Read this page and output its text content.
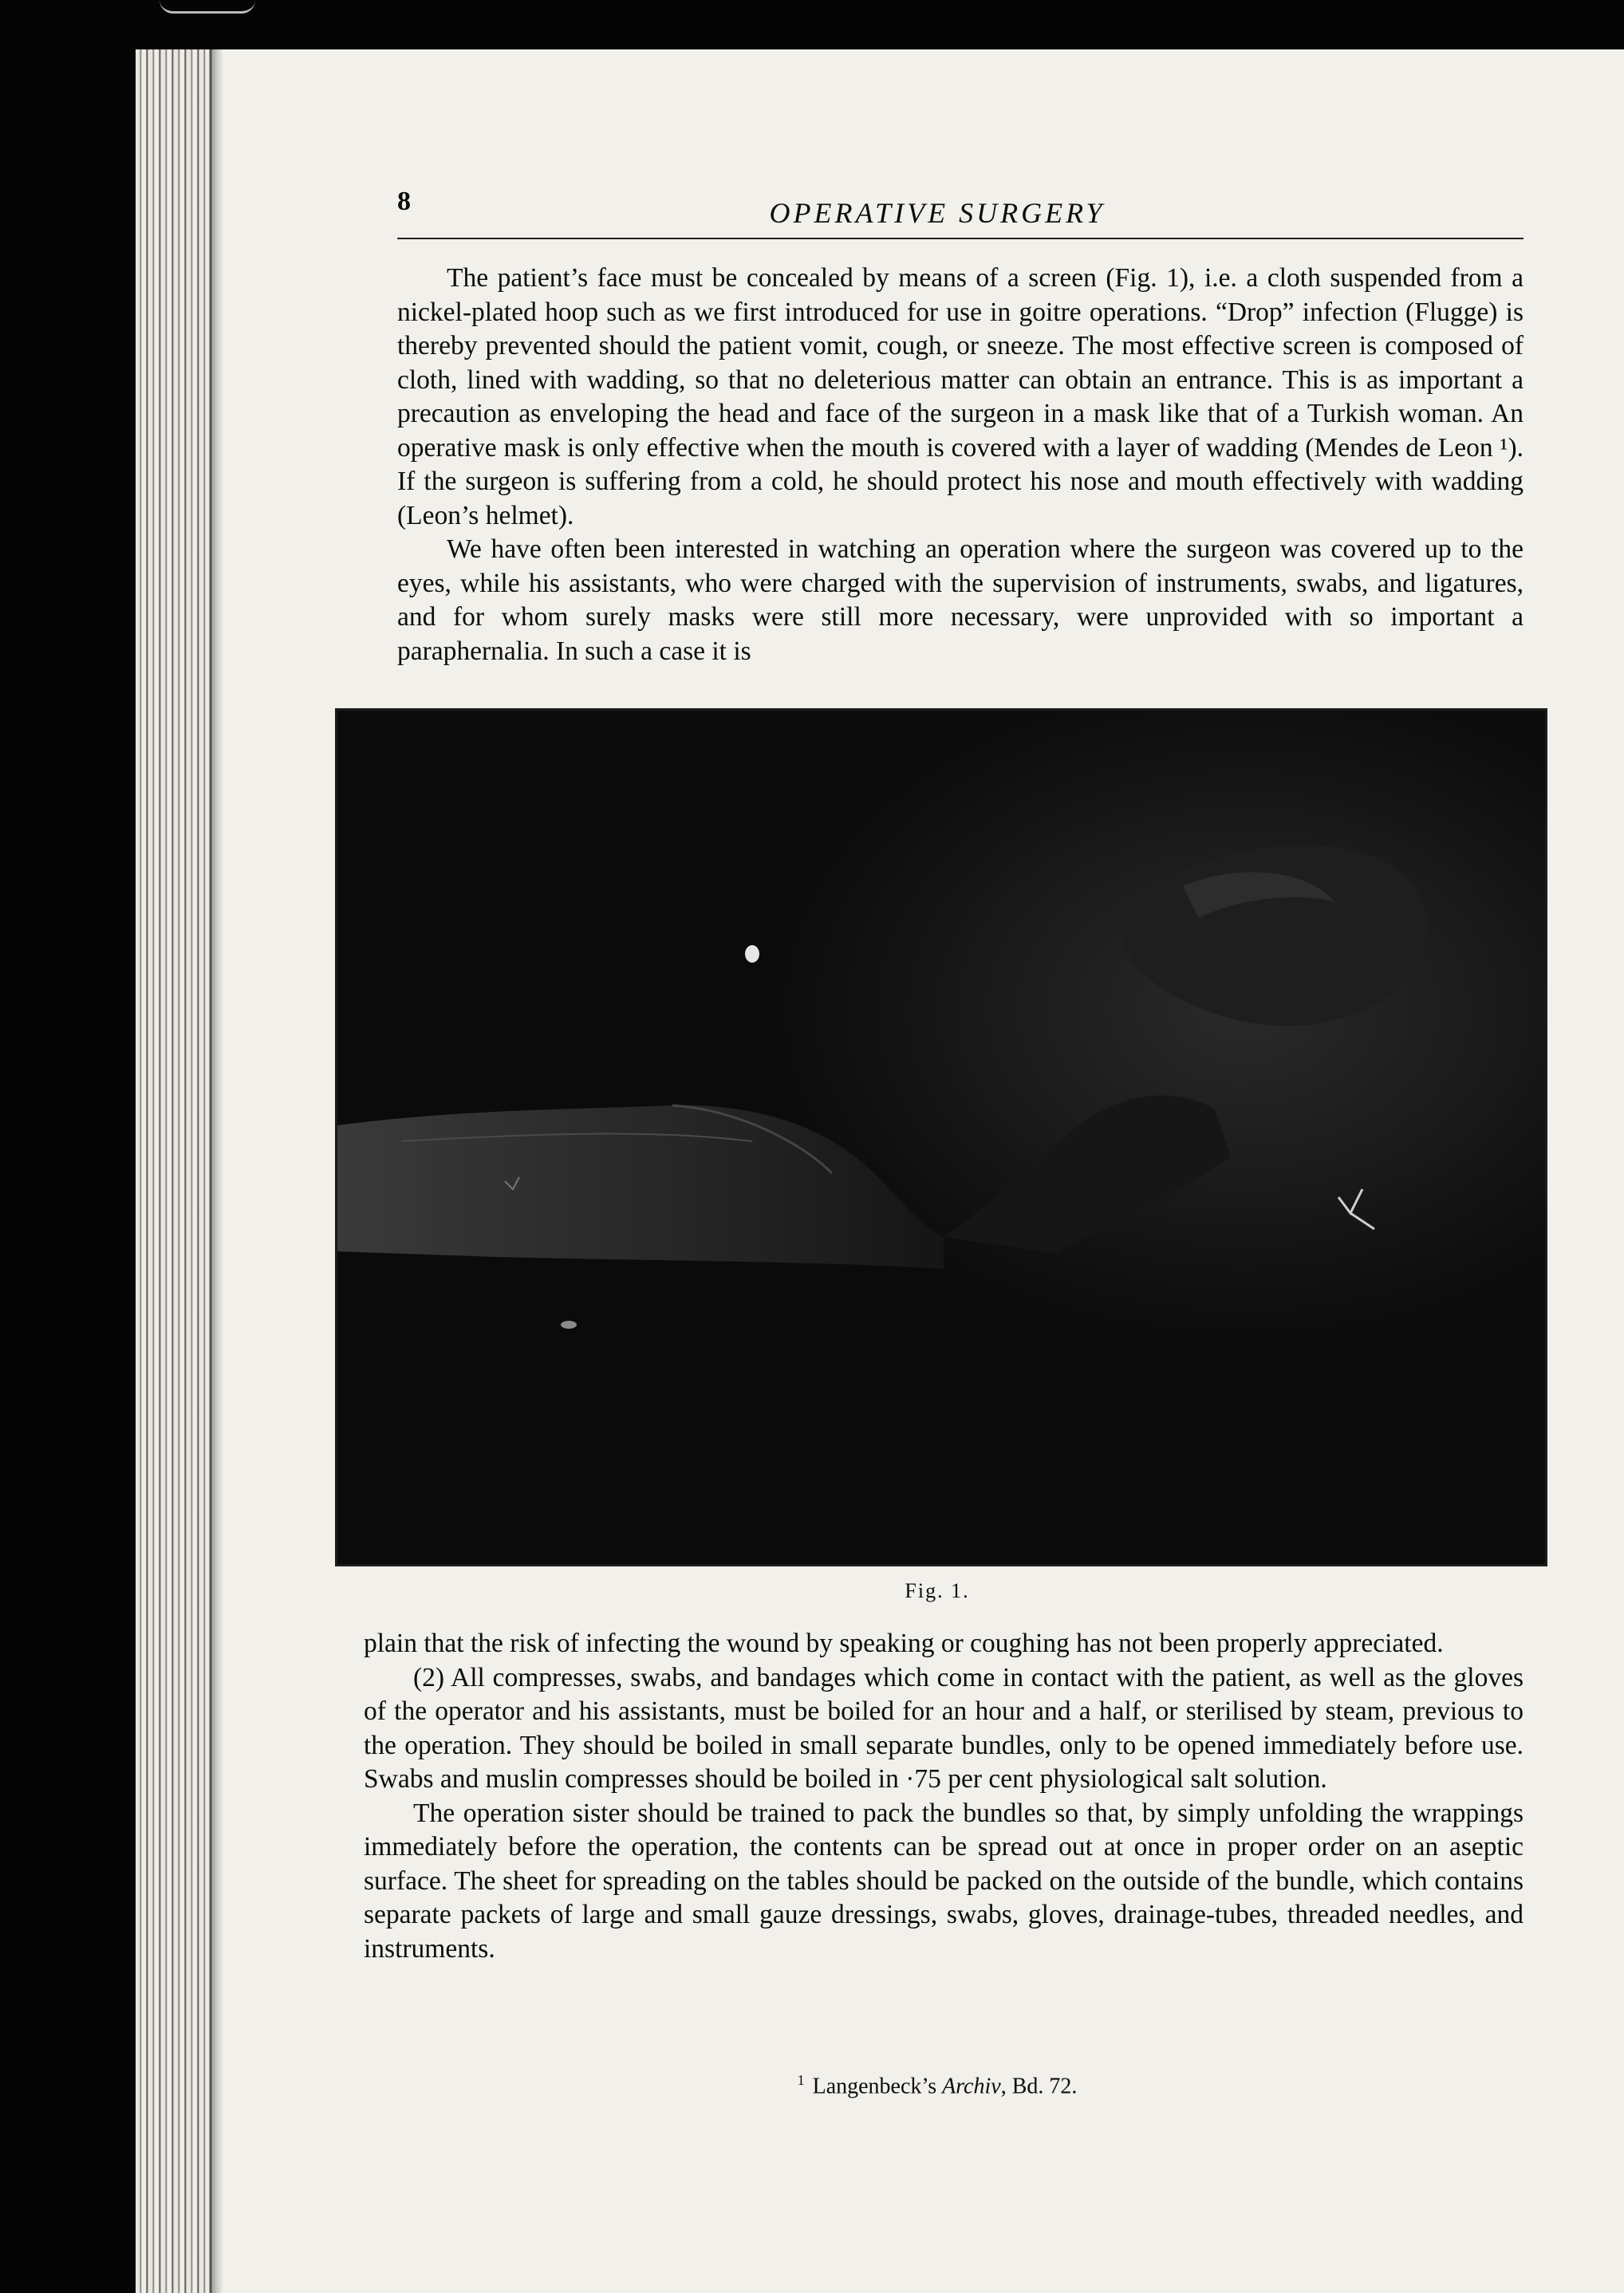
8	OPERATIVE SURGERY

The patient’s face must be concealed by means of a screen (Fig. 1), i.e. a cloth suspended from a nickel-plated hoop such as we first introduced for use in goitre operations. “Drop” infection (Flugge) is thereby prevented should the patient vomit, cough, or sneeze. The most effective screen is composed of cloth, lined with wadding, so that no deleterious matter can obtain an entrance. This is as important a precaution as enveloping the head and face of the surgeon in a mask like that of a Turkish woman. An operative mask is only effective when the mouth is covered with a layer of wadding (Mendes de Leon ¹). If the surgeon is suffering from a cold, he should protect his nose and mouth effectively with wadding (Leon’s helmet).

We have often been interested in watching an operation where the surgeon was covered up to the eyes, while his assistants, who were charged with the supervision of instruments, swabs, and ligatures, and for whom surely masks were still more necessary, were unprovided with so important a paraphernalia. In such a case it is

Fig. 1.

plain that the risk of infecting the wound by speaking or coughing has not been properly appreciated.

(2) All compresses, swabs, and bandages which come in contact with the patient, as well as the gloves of the operator and his assistants, must be boiled for an hour and a half, or sterilised by steam, previous to the operation. They should be boiled in small separate bundles, only to be opened immediately before use. Swabs and muslin compresses should be boiled in ·75 per cent physiological salt solution.

The operation sister should be trained to pack the bundles so that, by simply unfolding the wrappings immediately before the operation, the contents can be spread out at once in proper order on an aseptic surface. The sheet for spreading on the tables should be packed on the outside of the bundle, which contains separate packets of large and small gauze dressings, swabs, gloves, drainage-tubes, threaded needles, and instruments.

$^1$ Langenbeck’s Archiv, Bd. 72.
